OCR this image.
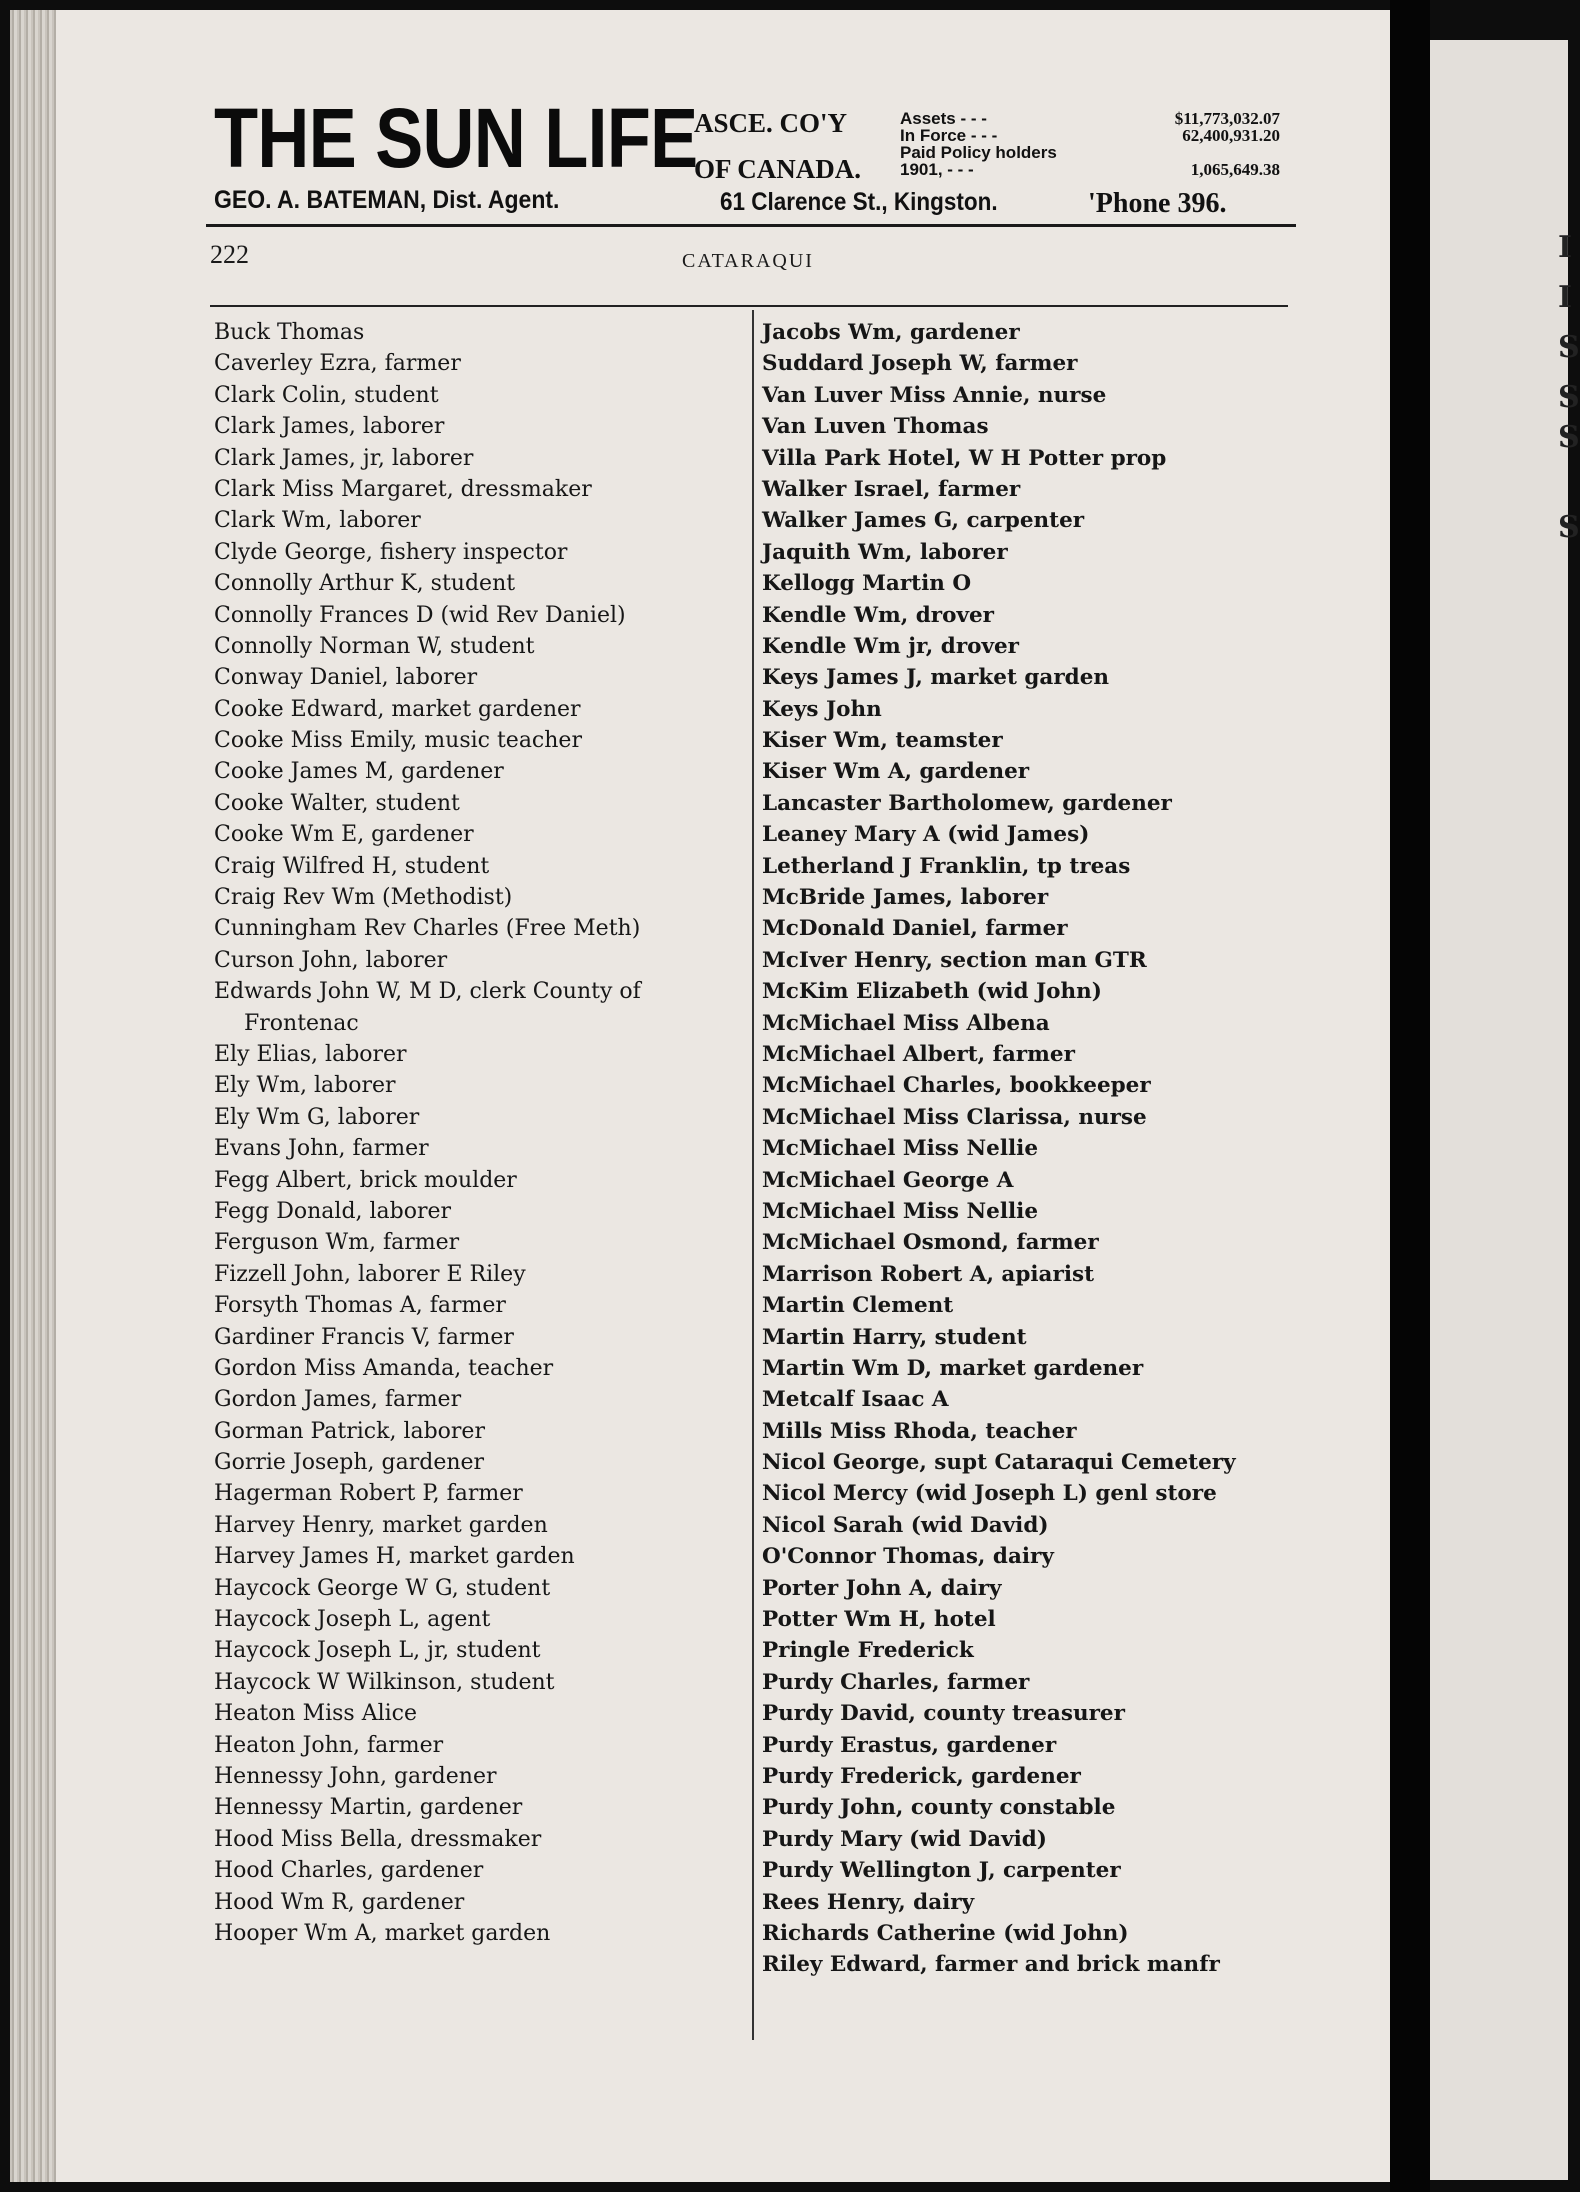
THE SUN LIFE
ASCE. CO'Y
OF CANADA.
Assets - - -	$11,773,032.07
In Force - - -	62,400,931.20
Paid Policy holders
1901, - - -	1,065,649.38
GEO. A. BATEMAN, Dist. Agent.	61 Clarence St., Kingston.	'Phone 396.
222	CATARAQUI
Buck Thomas
Caverley Ezra, farmer
Clark Colin, student
Clark James, laborer
Clark James, jr, laborer
Clark Miss Margaret, dressmaker
Clark Wm, laborer
Clyde George, fishery inspector
Connolly Arthur K, student
Connolly Frances D (wid Rev Daniel)
Connolly Norman W, student
Conway Daniel, laborer
Cooke Edward, market gardener
Cooke Miss Emily, music teacher
Cooke James M, gardener
Cooke Walter, student
Cooke Wm E, gardener
Craig Wilfred H, student
Craig Rev Wm (Methodist)
Cunningham Rev Charles (Free Meth)
Curson John, laborer
Edwards John W, M D, clerk County of
Frontenac
Ely Elias, laborer
Ely Wm, laborer
Ely Wm G, laborer
Evans John, farmer
Fegg Albert, brick moulder
Fegg Donald, laborer
Ferguson Wm, farmer
Fizzell John, laborer E Riley
Forsyth Thomas A, farmer
Gardiner Francis V, farmer
Gordon Miss Amanda, teacher
Gordon James, farmer
Gorman Patrick, laborer
Gorrie Joseph, gardener
Hagerman Robert P, farmer
Harvey Henry, market garden
Harvey James H, market garden
Haycock George W G, student
Haycock Joseph L, agent
Haycock Joseph L, jr, student
Haycock W Wilkinson, student
Heaton Miss Alice
Heaton John, farmer
Hennessy John, gardener
Hennessy Martin, gardener
Hood Miss Bella, dressmaker
Hood Charles, gardener
Hood Wm R, gardener
Hooper Wm A, market garden
Jacobs Wm, gardener
Suddard Joseph W, farmer
Van Luver Miss Annie, nurse
Van Luven Thomas
Villa Park Hotel, W H Potter prop
Walker Israel, farmer
Walker James G, carpenter
Jaquith Wm, laborer
Kellogg Martin O
Kendle Wm, drover
Kendle Wm jr, drover
Keys James J, market garden
Keys John
Kiser Wm, teamster
Kiser Wm A, gardener
Lancaster Bartholomew, gardener
Leaney Mary A (wid James)
Letherland J Franklin, tp treas
McBride James, laborer
McDonald Daniel, farmer
McIver Henry, section man GTR
McKim Elizabeth (wid John)
McMichael Miss Albena
McMichael Albert, farmer
McMichael Charles, bookkeeper
McMichael Miss Clarissa, nurse
McMichael Miss Nellie
McMichael George A
McMichael Miss Nellie
McMichael Osmond, farmer
Marrison Robert A, apiarist
Martin Clement
Martin Harry, student
Martin Wm D, market gardener
Metcalf Isaac A
Mills Miss Rhoda, teacher
Nicol George, supt Cataraqui Cemetery
Nicol Mercy (wid Joseph L) genl store
Nicol Sarah (wid David)
O'Connor Thomas, dairy
Porter John A, dairy
Potter Wm H, hotel
Pringle Frederick
Purdy Charles, farmer
Purdy David, county treasurer
Purdy Erastus, gardener
Purdy Frederick, gardener
Purdy John, county constable
Purdy Mary (wid David)
Purdy Wellington J, carpenter
Rees Henry, dairy
Richards Catherine (wid John)
Riley Edward, farmer and brick manfr
I
I
S
S
S
S
